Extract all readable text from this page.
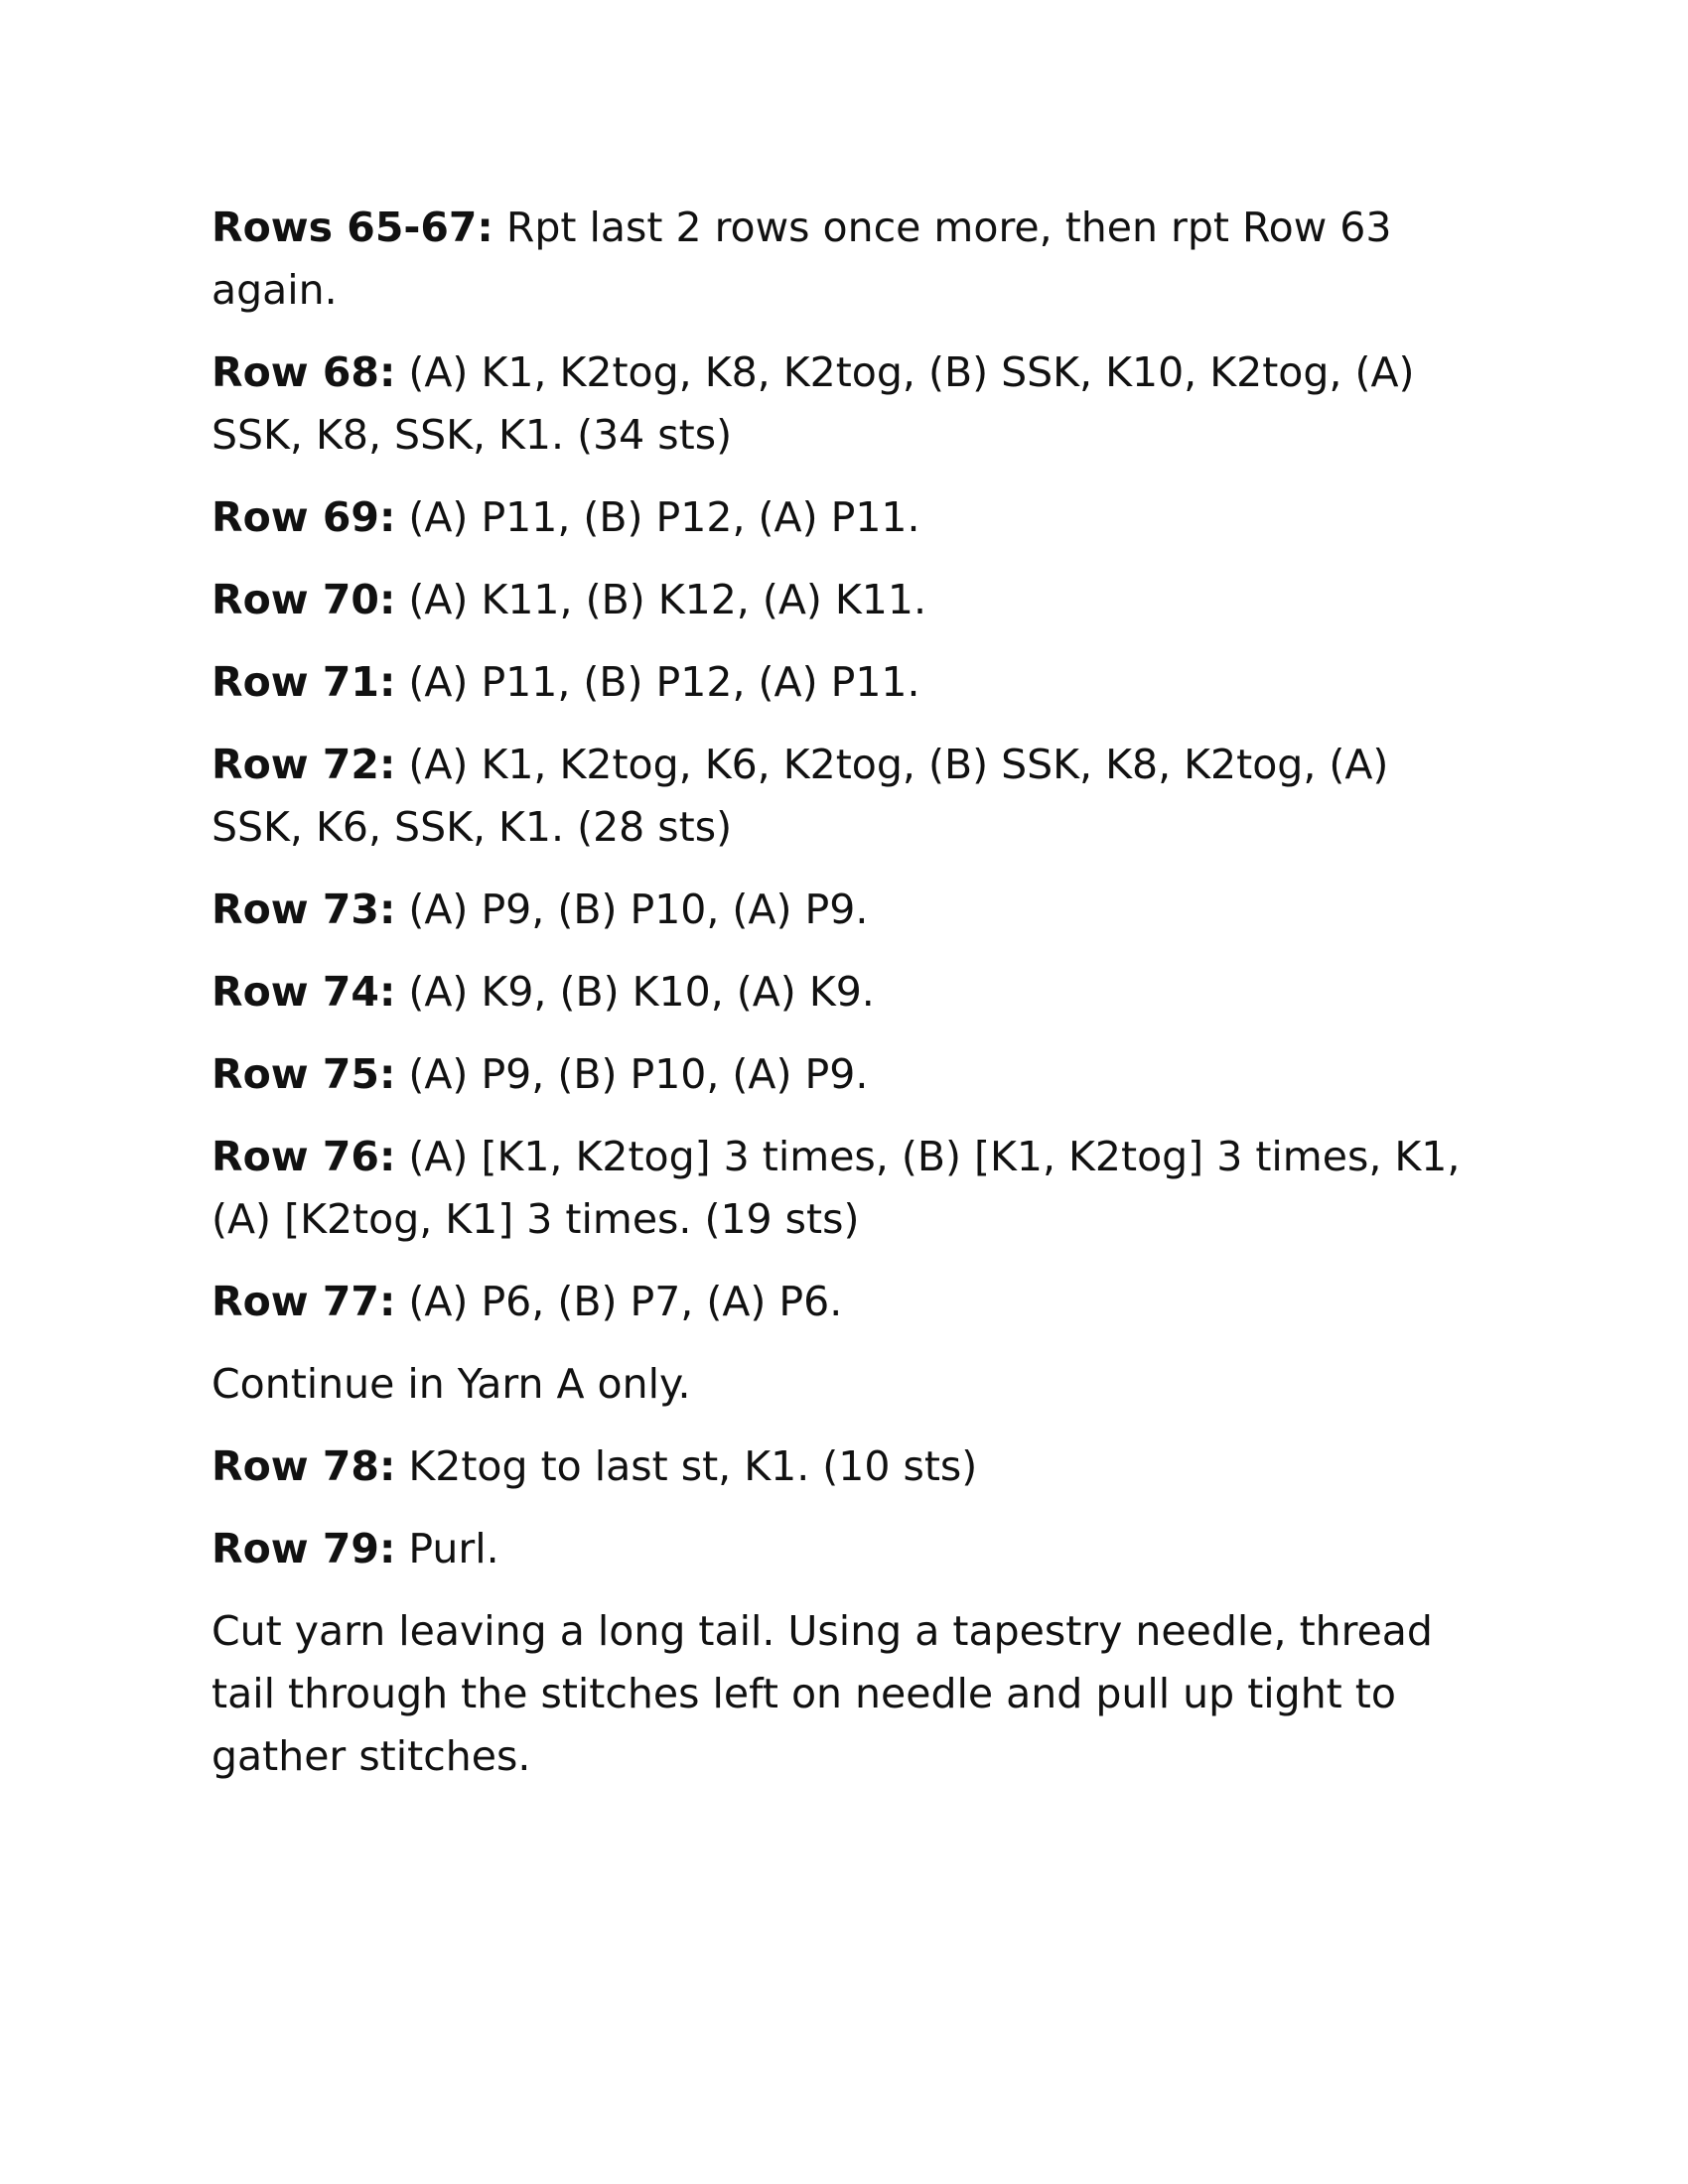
Rows 65-67: Rpt last 2 rows once more, then rpt Row 63 again.

Row 68: (A) K1, K2tog, K8, K2tog, (B) SSK, K10, K2tog, (A) SSK, K8, SSK, K1. (34 sts)

Row 69: (A) P11, (B) P12, (A) P11.

Row 70: (A) K11, (B) K12, (A) K11.

Row 71: (A) P11, (B) P12, (A) P11.

Row 72: (A) K1, K2tog, K6, K2tog, (B) SSK, K8, K2tog, (A) SSK, K6, SSK, K1. (28 sts)

Row 73: (A) P9, (B) P10, (A) P9.

Row 74: (A) K9, (B) K10, (A) K9.

Row 75: (A) P9, (B) P10, (A) P9.

Row 76: (A) [K1, K2tog] 3 times, (B) [K1, K2tog] 3 times, K1, (A) [K2tog, K1] 3 times. (19 sts)

Row 77: (A) P6, (B) P7, (A) P6.

Continue in Yarn A only.

Row 78: K2tog to last st, K1. (10 sts)

Row 79: Purl.

Cut yarn leaving a long tail. Using a tapestry needle, thread tail through the stitches left on needle and pull up tight to gather stitches.
